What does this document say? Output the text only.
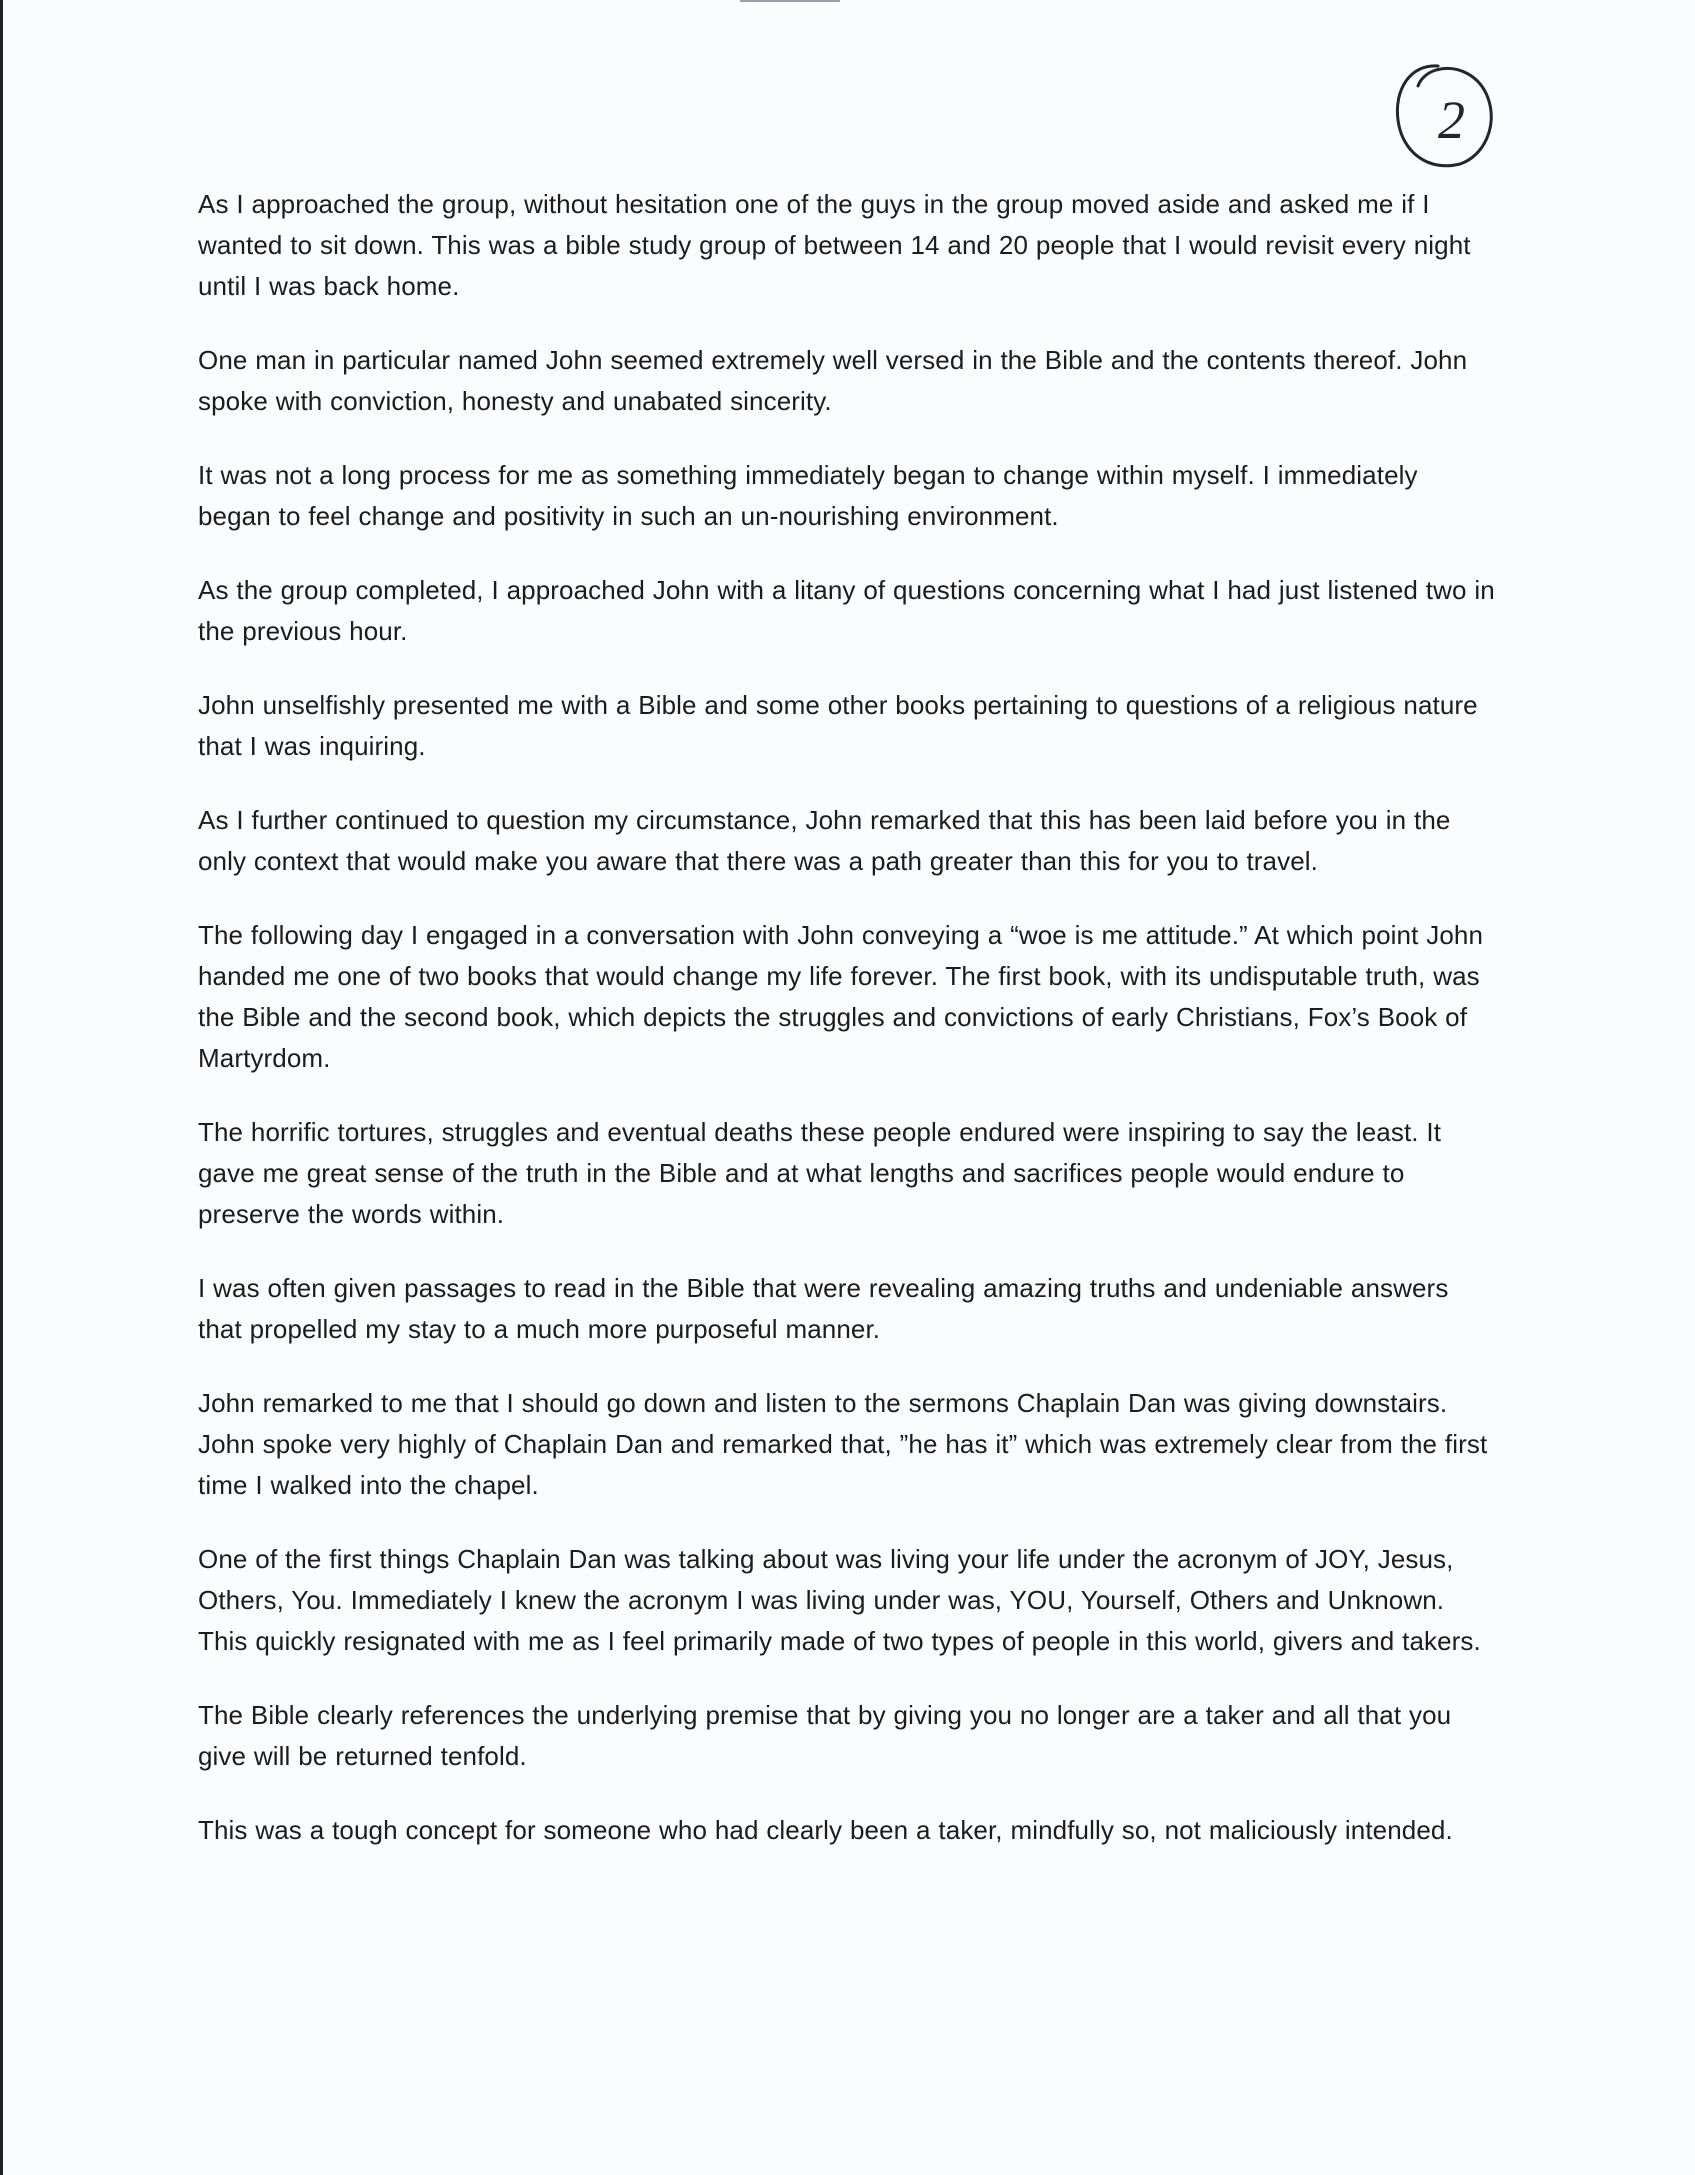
2

As I approached the group, without hesitation one of the guys in the group moved aside and asked me if I wanted to sit down. This was a bible study group of between 14 and 20 people that I would revisit every night until I was back home.

One man in particular named John seemed extremely well versed in the Bible and the contents thereof. John spoke with conviction, honesty and unabated sincerity.

It was not a long process for me as something immediately began to change within myself. I immediately began to feel change and positivity in such an un-nourishing environment.

As the group completed, I approached John with a litany of questions concerning what I had just listened two in the previous hour.

John unselfishly presented me with a Bible and some other books pertaining to questions of a religious nature that I was inquiring.

As I further continued to question my circumstance, John remarked that this has been laid before you in the only context that would make you aware that there was a path greater than this for you to travel.

The following day I engaged in a conversation with John conveying a “woe is me attitude.” At which point John handed me one of two books that would change my life forever. The first book, with its undisputable truth, was the Bible and the second book, which depicts the struggles and convictions of early Christians, Fox’s Book of Martyrdom.

The horrific tortures, struggles and eventual deaths these people endured were inspiring to say the least. It gave me great sense of the truth in the Bible and at what lengths and sacrifices people would endure to preserve the words within.

I was often given passages to read in the Bible that were revealing amazing truths and undeniable answers that propelled my stay to a much more purposeful manner.

John remarked to me that I should go down and listen to the sermons Chaplain Dan was giving downstairs. John spoke very highly of Chaplain Dan and remarked that, ”he has it” which was extremely clear from the first time I walked into the chapel.

One of the first things Chaplain Dan was talking about was living your life under the acronym of JOY, Jesus, Others, You. Immediately I knew the acronym I was living under was, YOU, Yourself, Others and Unknown. This quickly resignated with me as I feel primarily made of two types of people in this world, givers and takers.

The Bible clearly references the underlying premise that by giving you no longer are a taker and all that you give will be returned tenfold.

This was a tough concept for someone who had clearly been a taker, mindfully so, not maliciously intended.
